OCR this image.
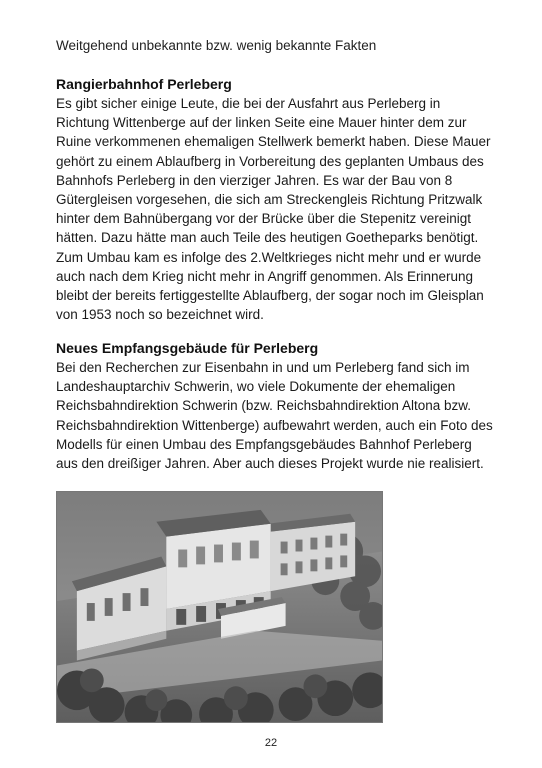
Weitgehend unbekannte bzw. wenig bekannte Fakten
Rangierbahnhof Perleberg

Es gibt sicher einige Leute, die bei der Ausfahrt aus Perleberg in Richtung Wittenberge auf der linken Seite eine Mauer hinter dem zur Ruine verkommenen ehemaligen Stellwerk bemerkt haben. Diese Mauer gehört zu einem Ablaufberg in Vorbereitung des geplanten Umbaus des Bahnhofs Perleberg in den vierziger Jahren. Es war der Bau von 8 Gütergleisen vorgesehen, die sich am Streckengleis Richtung Pritzwalk hinter dem Bahnübergang vor der Brücke über die Stepenitz vereinigt hätten. Dazu hätte man auch Teile des heutigen Goetheparks benötigt. Zum Umbau kam es infolge des 2.Weltkrieges nicht mehr und er wurde auch nach dem Krieg nicht mehr in Angriff genommen. Als Erinnerung bleibt der bereits fertiggestellte Ablaufberg, der sogar noch im Gleisplan von 1953 noch so bezeichnet wird.

Neues Empfangsgebäude für Perleberg

Bei den Recherchen zur Eisenbahn in und um Perleberg fand sich im Landeshauptarchiv Schwerin, wo viele Dokumente der ehemaligen Reichsbahndirektion Schwerin (bzw. Reichsbahndirektion Altona bzw. Reichsbahndirektion Wittenberge) aufbewahrt werden, auch ein Foto des Modells für einen Umbau des Empfangsgebäudes Bahnhof Perleberg aus den dreißiger Jahren. Aber auch dieses Projekt wurde nie realisiert.

22
